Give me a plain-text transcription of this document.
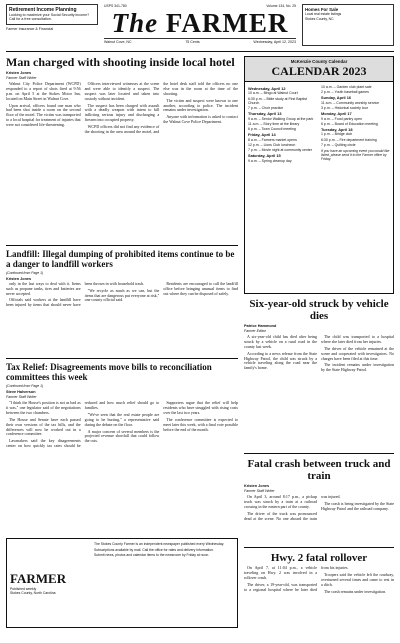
Retirement Income Planning
Looking to maximize your Social Security income?
Call for a free consultation.
Farmer Insurance & Financial
USPS 341-780	Volume 134, No. 25
The FARMER
Walnut Cove, NC	75 Cents	Wednesday, April 12, 2023
Homes For Sale
Local real estate listings
Stokes County, NC
Man charged with shooting inside local hotel
Kristen Jones
Farmer Staff Writer

Walnut City Police Department (WCPD) responded to a report of shots fired at 9:56 p.m. on April 5 at the Stokes Motor Inn, located on Main Street in Walnut Cove.

Upon arrival, officers found one man who had been shot inside a room on the second floor of the motel. The victim was transported to a local hospital for treatment of injuries that were not considered life-threatening.

Officers interviewed witnesses at the scene and were able to identify a suspect. The suspect was later located and taken into custody without incident.

The suspect has been charged with assault with a deadly weapon with intent to kill inflicting serious injury and discharging a firearm into occupied property.

WCPD officers did not find any evidence of the shooting in the area around the motel, and the hotel desk staff told the officers no one else was in the room at the time of the shooting.

The victim and suspect were known to one another, according to police. The incident remains under investigation.

Anyone with information is asked to contact the Walnut Cove Police Department.

Landfill: Illegal dumping of prohibited items continue to be a danger to landfill workers
(Continued from Page 1)
Kristen Jones

only in the last ways to deal with it. Items such as propane tanks, tires and batteries are never accepted.

Officials said workers at the landfill have been injured by items that should never have been thrown in with household trash.

"We recycle as much as we can, but the items that are dangerous put everyone at risk," one county official said.

Residents are encouraged to call the landfill office before bringing unusual items to find out where they can be disposed of safely.

Tax Relief: Disagreements move bills to reconciliation committees this week
(Continued from Page 1)
Steve Halverson
Farmer Staff Writer

"I think the House's position is not as bad as it was," one legislator said of the negotiations between the two chambers.

The House and Senate have each passed their own versions of the tax bills, and the differences will now be worked out in a conference committee.

Lawmakers said the key disagreements center on how quickly tax rates should be reduced and how much relief should go to families.

"We've seen that the real estate people are going to be hurting," a representative said during the debate on the floor.

A major concern of several members is the projected revenue shortfall that could follow the cuts.

Supporters argue that the relief will help residents who have struggled with rising costs over the last two years.

The conference committee is expected to meet later this week, with a final vote possible before the end of the month.

FARMER
Published weekly
Stokes County, North Carolina

The Stokes County Farmer is an independent newspaper published every Wednesday.

Subscriptions available by mail. Call the office for rates and delivery information.

Submit news, photos and calendar items to the newsroom by Friday at noon.

McKenzie County Calendar
CALENDAR 2023
Wednesday, April 12
10 a.m. – Bingo at Walnut Court
6:30 p.m. – Bible study at First Baptist Church
7 p.m. – Choir practice
Thursday, April 13
9 a.m. – Senior Walking Group at the park
11 a.m. – Story time at the library
6 p.m. – Town Council meeting
Friday, April 14
8 a.m. – Farmers market opens
12 p.m. – Lions Club luncheon
7 p.m. – Movie night at community center
Saturday, April 15
9 a.m. – Spring cleanup day
10 a.m. – Garden club plant sale
2 p.m. – Youth baseball games
Sunday, April 16
11 a.m. – Community worship service
3 p.m. – Historical society tour
Monday, April 17
9 a.m. – Food pantry open
6 p.m. – Board of Education meeting
Tuesday, April 18
1 p.m. – Bridge club
6:30 p.m. – Fire department training
7 p.m. – Quilting circle
If you have an upcoming event you would like listed, please send it to the Farmer office by Friday.
Six-year-old struck by vehicle dies
Patrice Hammond
Farmer Editor

A six-year-old child has died after being struck by a vehicle on a rural road in the county last week.

According to a news release from the State Highway Patrol, the child was struck by a vehicle traveling along the road near the family's home.

The child was transported to a hospital where she later died from her injuries.

The driver of the vehicle remained at the scene and cooperated with investigators. No charges have been filed at this time.

The incident remains under investigation by the State Highway Patrol.

Fatal crash between truck and train
Kristen Jones
Farmer Staff Writer

On April 3, around 8:17 p.m., a pickup truck was struck by a train at a railroad crossing in the eastern part of the county.

The driver of the truck was pronounced dead at the scene. No one aboard the train was injured.

The crash is being investigated by the State Highway Patrol and the railroad company.

Hwy. 2 fatal rollover

On April 7, at 11:04 p.m., a vehicle traveling on Hwy. 2 was involved in a rollover crash.

The driver, a 19-year-old, was transported to a regional hospital where he later died from his injuries.

Troopers said the vehicle left the roadway, overturned several times and came to rest in a ditch.

The crash remains under investigation.
